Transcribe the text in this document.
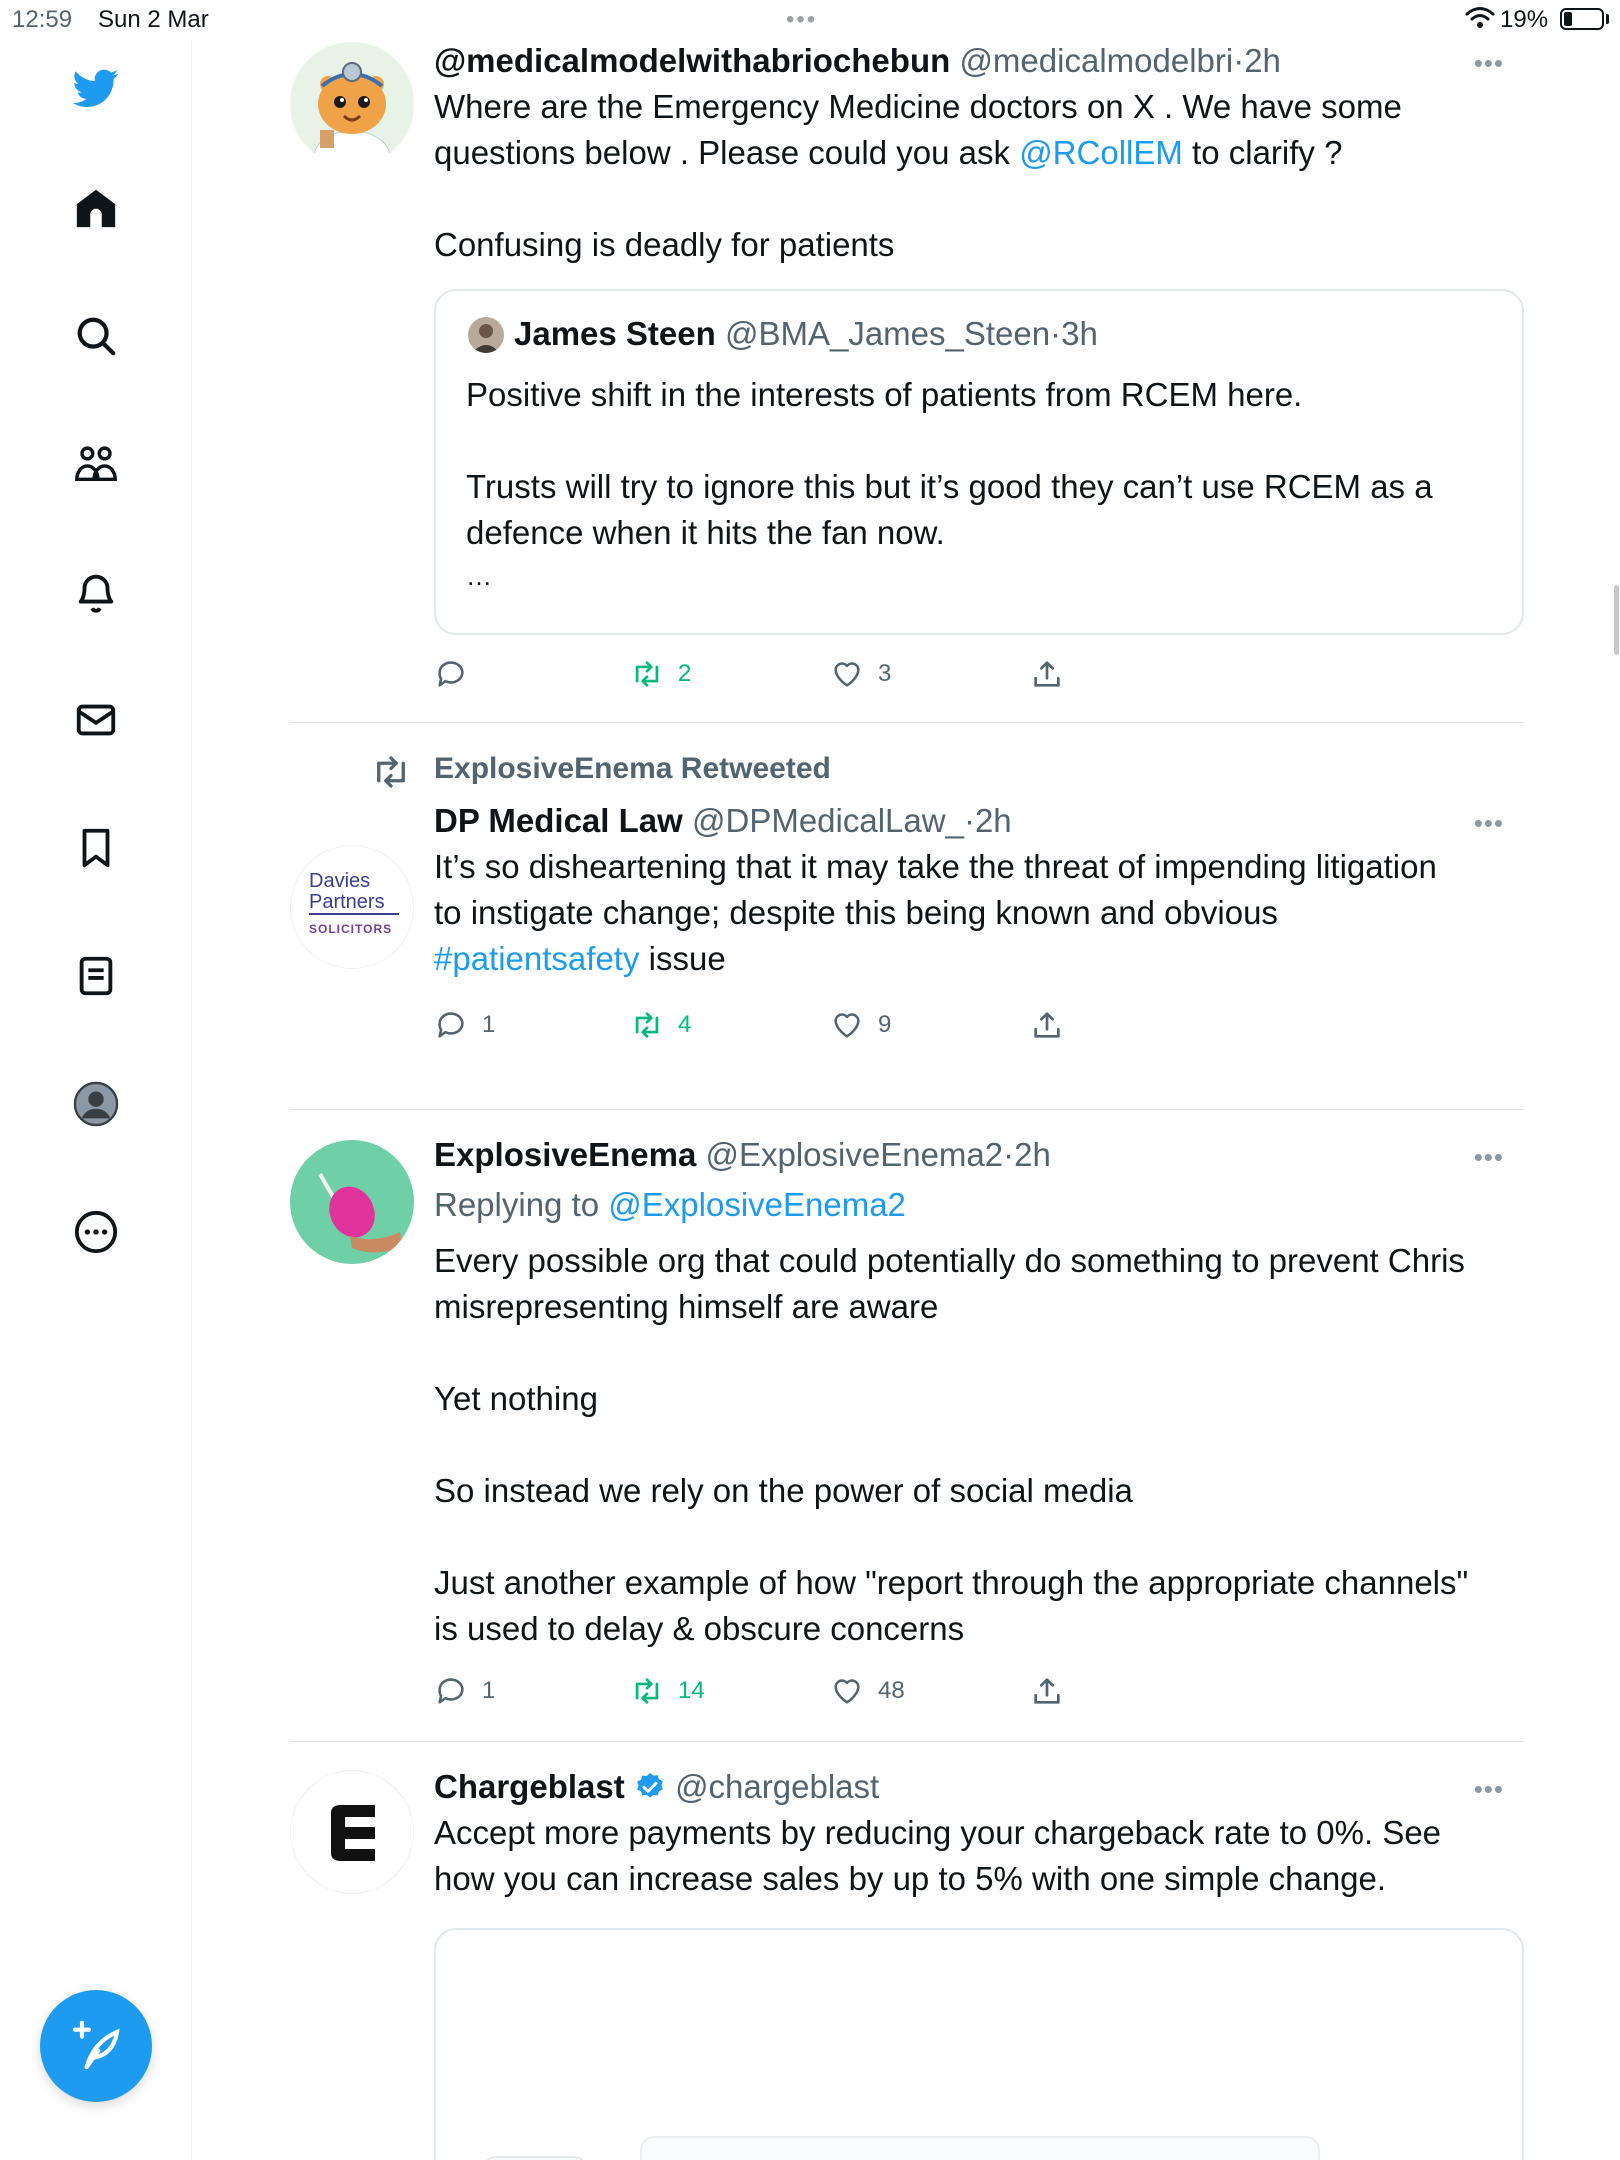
12:59 Sun 2 Mar	•••	19%
@medicalmodelwithabriochebun @medicalmodelbri·2h	•••
Where are the Emergency Medicine doctors on X . We have some
questions below . Please could you ask @RCollEM to clarify ?
Confusing is deadly for patients
James Steen @BMA_James_Steen·3h
Positive shift in the interests of patients from RCEM here.
Trusts will try to ignore this but it’s good they can’t use RCEM as a
defence when it hits the fan now.
…
2	3
ExplosiveEnema Retweeted
Davies
Partners
SOLICITORS
DP Medical Law @DPMedicalLaw_·2h	•••
It’s so disheartening that it may take the threat of impending litigation
to instigate change; despite this being known and obvious
#patientsafety issue
1	4	9
ExplosiveEnema @ExplosiveEnema2·2h	•••
Replying to @ExplosiveEnema2
Every possible org that could potentially do something to prevent Chris
misrepresenting himself are aware
Yet nothing
So instead we rely on the power of social media
Just another example of how "report through the appropriate channels"
is used to delay & obscure concerns
1	14	48
Chargeblast @chargeblast	•••
Accept more payments by reducing your chargeback rate to 0%. See
how you can increase sales by up to 5% with one simple change.
